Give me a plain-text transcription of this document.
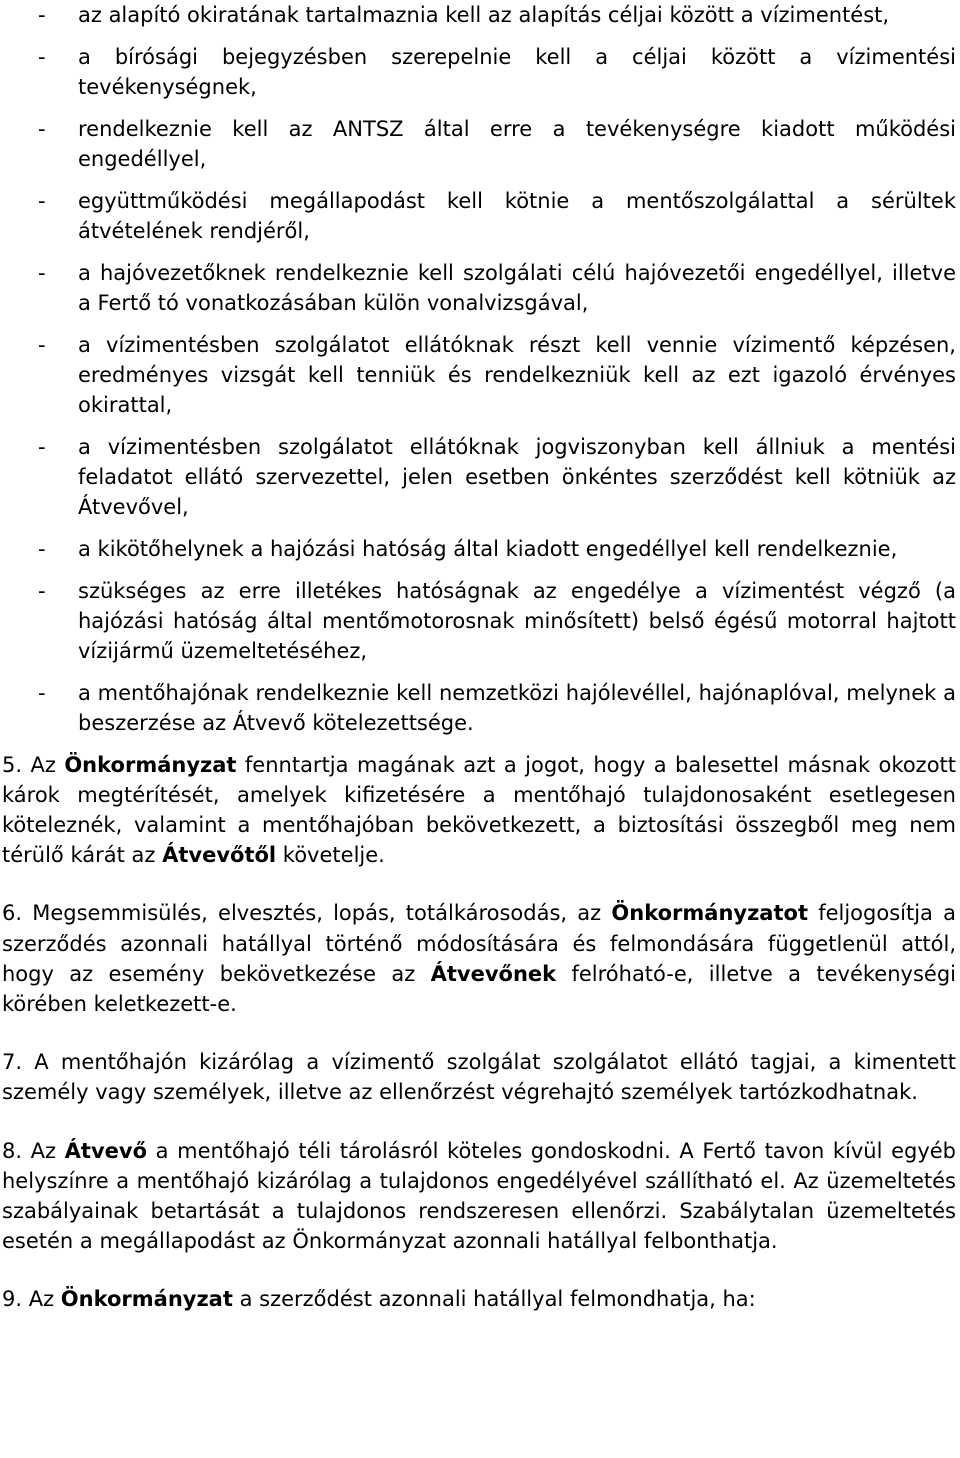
- az alapító okiratának tartalmaznia kell az alapítás céljai között a vízimentést,
- a bírósági bejegyzésben szerepelnie kell a céljai között a vízimentési tevékenységnek,
- rendelkeznie kell az ANTSZ által erre a tevékenységre kiadott működési engedéllyel,
- együttműködési megállapodást kell kötnie a mentőszolgálattal a sérültek átvételének rendjéről,
- a hajóvezetőknek rendelkeznie kell szolgálati célú hajóvezetői engedéllyel, illetve a Fertő tó vonatkozásában külön vonalvizsgával,
- a vízimentésben szolgálatot ellátóknak részt kell vennie vízimentő képzésen, eredményes vizsgát kell tenniük és rendelkezniük kell az ezt igazoló érvényes okirattal,
- a vízimentésben szolgálatot ellátóknak jogviszonyban kell állniuk a mentési feladatot ellátó szervezettel, jelen esetben önkéntes szerződést kell kötniük az Átvevővel,
- a kikötőhelynek a hajózási hatóság által kiadott engedéllyel kell rendelkeznie,
- szükséges az erre illetékes hatóságnak az engedélye a vízimentést végző (a hajózási hatóság által mentőmotorosnak minősített) belső égésű motorral hajtott vízijármű üzemeltetéséhez,
- a mentőhajónak rendelkeznie kell nemzetközi hajólevéllel, hajónaplóval, melynek a beszerzése az Átvevő kötelezettsége.

5. Az Önkormányzat fenntartja magának azt a jogot, hogy a balesettel másnak okozott károk megtérítését, amelyek kifizetésére a mentőhajó tulajdonosaként esetlegesen köteleznék, valamint a mentőhajóban bekövetkezett, a biztosítási összegből meg nem térülő kárát az Átvevőtől követelje.

6. Megsemmisülés, elvesztés, lopás, totálkárosodás, az Önkormányzatot feljogosítja a szerződés azonnali hatállyal történő módosítására és felmondására függetlenül attól, hogy az esemény bekövetkezése az Átvevőnek felróható-e, illetve a tevékenységi körében keletkezett-e.

7. A mentőhajón kizárólag a vízimentő szolgálat szolgálatot ellátó tagjai, a kimentett személy vagy személyek, illetve az ellenőrzést végrehajtó személyek tartózkodhatnak.

8. Az Átvevő a mentőhajó téli tárolásról köteles gondoskodni. A Fertő tavon kívül egyéb helyszínre a mentőhajó kizárólag a tulajdonos engedélyével szállítható el. Az üzemeltetés szabályainak betartását a tulajdonos rendszeresen ellenőrzi. Szabálytalan üzemeltetés esetén a megállapodást az Önkormányzat azonnali hatállyal felbonthatja.

9. Az Önkormányzat a szerződést azonnali hatállyal felmondhatja, ha:
